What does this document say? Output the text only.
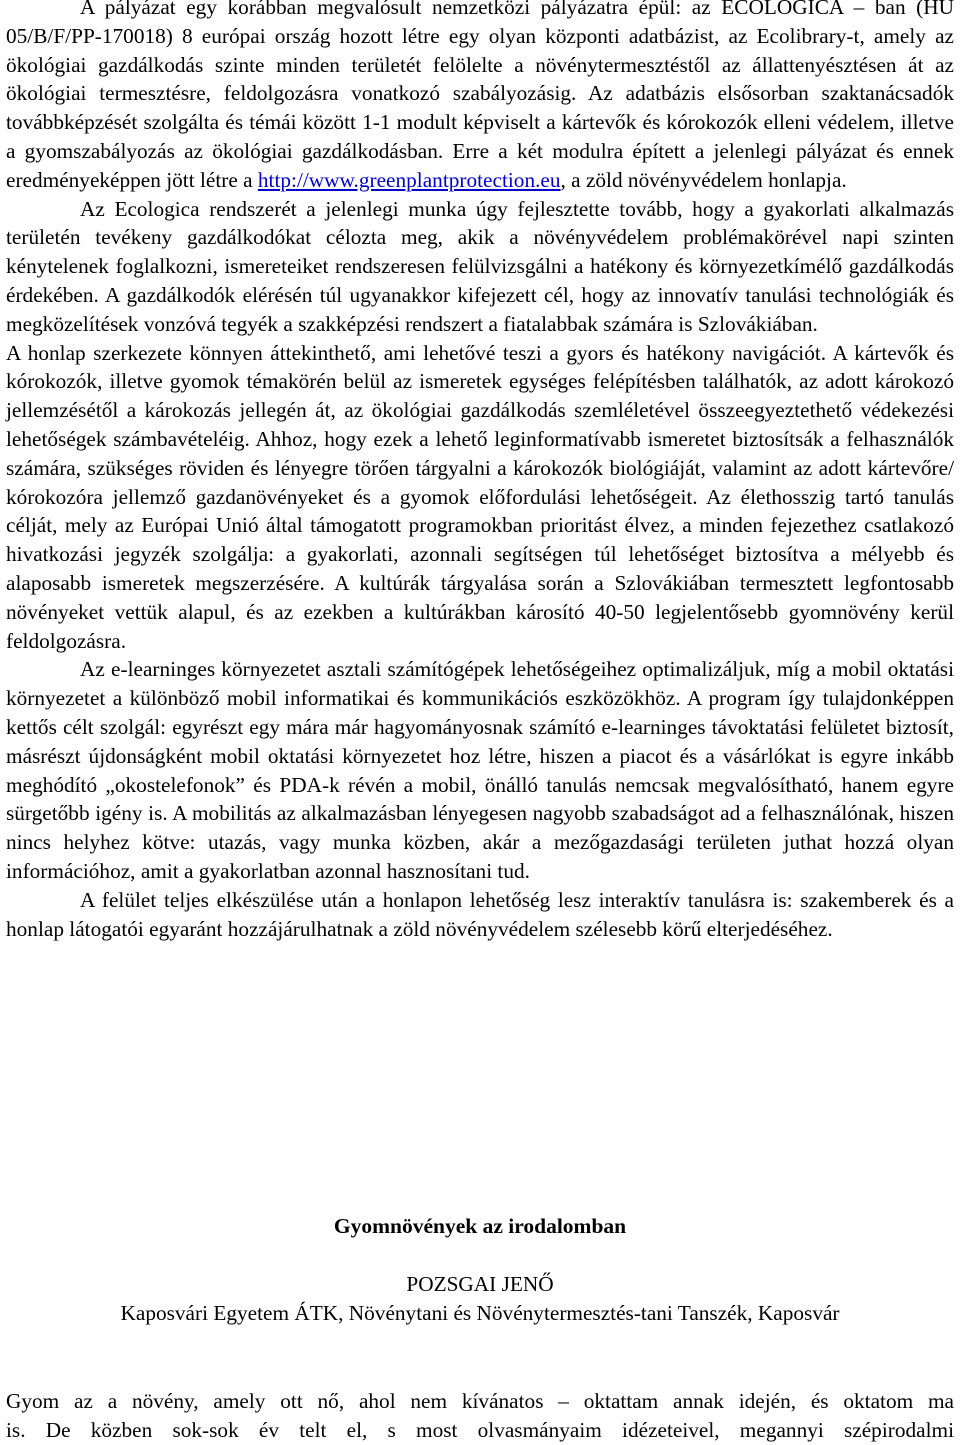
A pályázat egy korábban megvalósult nemzetközi pályázatra épül: az ECOLOGICA – ban (HU 05/B/F/PP-170018) 8 európai ország hozott létre egy olyan központi adatbázist, az Ecolibrary-t, amely az ökológiai gazdálkodás szinte minden területét felölelte a növénytermesztéstől az állattenyésztésen át az ökológiai termesztésre, feldolgozásra vonatkozó szabályozásig. Az adatbázis elsősorban szaktanácsadók továbbképzését szolgálta és témái között 1-1 modult képviselt a kártevők és kórokozók elleni védelem, illetve a gyomszabályozás az ökológiai gazdálkodásban. Erre a két modulra épített a jelenlegi pályázat és ennek eredményeképpen jött létre a http://www.greenplantprotection.eu, a zöld növényvédelem honlapja.

Az Ecologica rendszerét a jelenlegi munka úgy fejlesztette tovább, hogy a gyakorlati alkalmazás területén tevékeny gazdálkodókat célozta meg, akik a növényvédelem problémakörével napi szinten kénytelenek foglalkozni, ismereteiket rendszeresen felülvizsgálni a hatékony és környezetkímélő gazdálkodás érdekében. A gazdálkodók elérésén túl ugyanakkor kifejezett cél, hogy az innovatív tanulási technológiák és megközelítések vonzóvá tegyék a szakképzési rendszert a fiatalabbak számára is Szlovákiában.

A honlap szerkezete könnyen áttekinthető, ami lehetővé teszi a gyors és hatékony navigációt. A kártevők és kórokozók, illetve gyomok témakörén belül az ismeretek egységes felépítésben találhatók, az adott károkozó jellemzésétől a károkozás jellegén át, az ökológiai gazdálkodás szemléletével összeegyeztethető védekezési lehetőségek számbavételéig. Ahhoz, hogy ezek a lehető leginformatívabb ismeretet biztosítsák a felhasználók számára, szükséges röviden és lényegre törően tárgyalni a károkozók biológiáját, valamint az adott kártevőre/ kórokozóra jellemző gazdanövényeket és a gyomok előfordulási lehetőségeit. Az élethosszig tartó tanulás célját, mely az Európai Unió által támogatott programokban prioritást élvez, a minden fejezethez csatlakozó hivatkozási jegyzék szolgálja: a gyakorlati, azonnali segítségen túl lehetőséget biztosítva a mélyebb és alaposabb ismeretek megszerzésére. A kultúrák tárgyalása során a Szlovákiában termesztett legfontosabb növényeket vettük alapul, és az ezekben a kultúrákban károsító 40-50 legjelentősebb gyomnövény kerül feldolgozásra.

Az e-learninges környezetet asztali számítógépek lehetőségeihez optimalizáljuk, míg a mobil oktatási környezetet a különböző mobil informatikai és kommunikációs eszközökhöz. A program így tulajdonképpen kettős célt szolgál: egyrészt egy mára már hagyományosnak számító e-learninges távoktatási felületet biztosít, másrészt újdonságként mobil oktatási környezetet hoz létre, hiszen a piacot és a vásárlókat is egyre inkább meghódító „okostelefonok” és PDA-k révén a mobil, önálló tanulás nemcsak megvalósítható, hanem egyre sürgetőbb igény is. A mobilitás az alkalmazásban lényegesen nagyobb szabadságot ad a felhasználónak, hiszen nincs helyhez kötve: utazás, vagy munka közben, akár a mezőgazdasági területen juthat hozzá olyan információhoz, amit a gyakorlatban azonnal hasznosítani tud.

A felület teljes elkészülése után a honlapon lehetőség lesz interaktív tanulásra is: szakemberek és a honlap látogatói egyaránt hozzájárulhatnak a zöld növényvédelem szélesebb körű elterjedéséhez.

Gyomnövények az irodalomban
POZSGAI JENŐ
Kaposvári Egyetem ÁTK, Növénytani és Növénytermesztés-tani Tanszék, Kaposvár
Gyom az a növény, amely ott nő, ahol nem kívánatos – oktattam annak idején, és oktatom ma
is. De közben sok-sok év telt el, s most olvasmányaim idézeteivel, megannyi szépirodalmi
